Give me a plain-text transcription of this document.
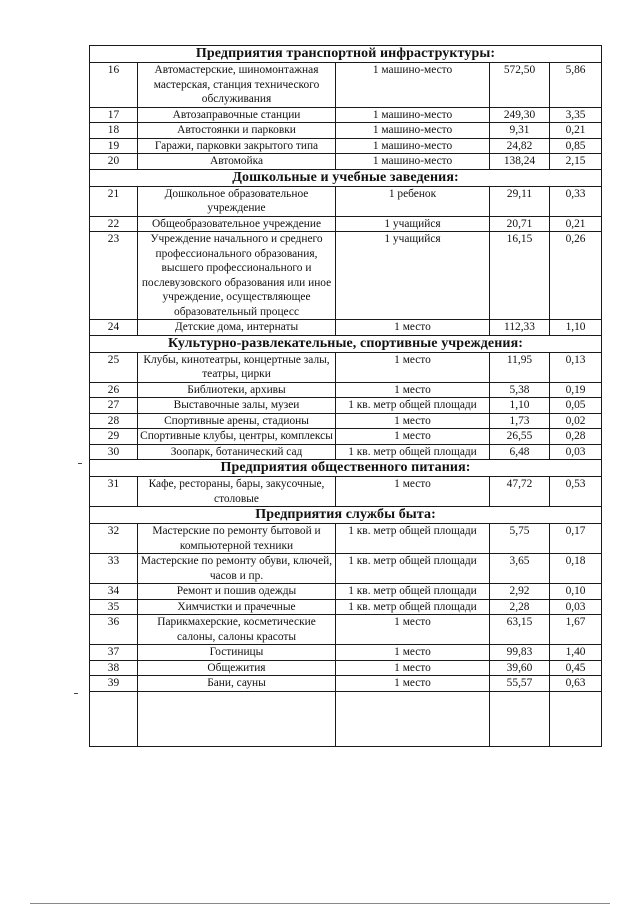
Предприятия транспортной инфраструктуры:				
16	Автомастерские, шиномонтажная мастерская, станция технического обслуживания	1 машино-место	572,50	5,86
17	Автозаправочные станции	1 машино-место	249,30	3,35
18	Автостоянки и парковки	1 машино-место	9,31	0,21
19	Гаражи, парковки закрытого типа	1 машино-место	24,82	0,85
20	Автомойка	1 машино-место	138,24	2,15
Дошкольные и учебные заведения:				
21	Дошкольное образовательное учреждение	1 ребенок	29,11	0,33
22	Общеобразовательное учреждение	1 учащийся	20,71	0,21
23	Учреждение начального и среднего профессионального образования, высшего профессионального и послевузовского образования или иное учреждение, осуществляющее образовательный процесс	1 учащийся	16,15	0,26
24	Детские дома, интернаты	1 место	112,33	1,10
Культурно-развлекательные, спортивные учреждения:				
25	Клубы, кинотеатры, концертные залы, театры, цирки	1 место	11,95	0,13
26	Библиотеки, архивы	1 место	5,38	0,19
27	Выставочные залы, музеи	1 кв. метр общей площади	1,10	0,05
28	Спортивные арены, стадионы	1 место	1,73	0,02
29	Спортивные клубы, центры, комплексы	1 место	26,55	0,28
30	Зоопарк, ботанический сад	1 кв. метр общей площади	6,48	0,03
Предприятия общественного питания:				
31	Кафе, рестораны, бары, закусочные, столовые	1 место	47,72	0,53
Предприятия службы быта:				
32	Мастерские по ремонту бытовой и компьютерной техники	1 кв. метр общей площади	5,75	0,17
33	Мастерские по ремонту обуви, ключей, часов и пр.	1 кв. метр общей площади	3,65	0,18
34	Ремонт и пошив одежды	1 кв. метр общей площади	2,92	0,10
35	Химчистки и прачечные	1 кв. метр общей площади	2,28	0,03
36	Парикмахерские, косметические салоны, салоны красоты	1 место	63,15	1,67
37	Гостиницы	1 место	99,83	1,40
38	Общежития	1 место	39,60	0,45
39	Бани, сауны	1 место	55,57	0,63
